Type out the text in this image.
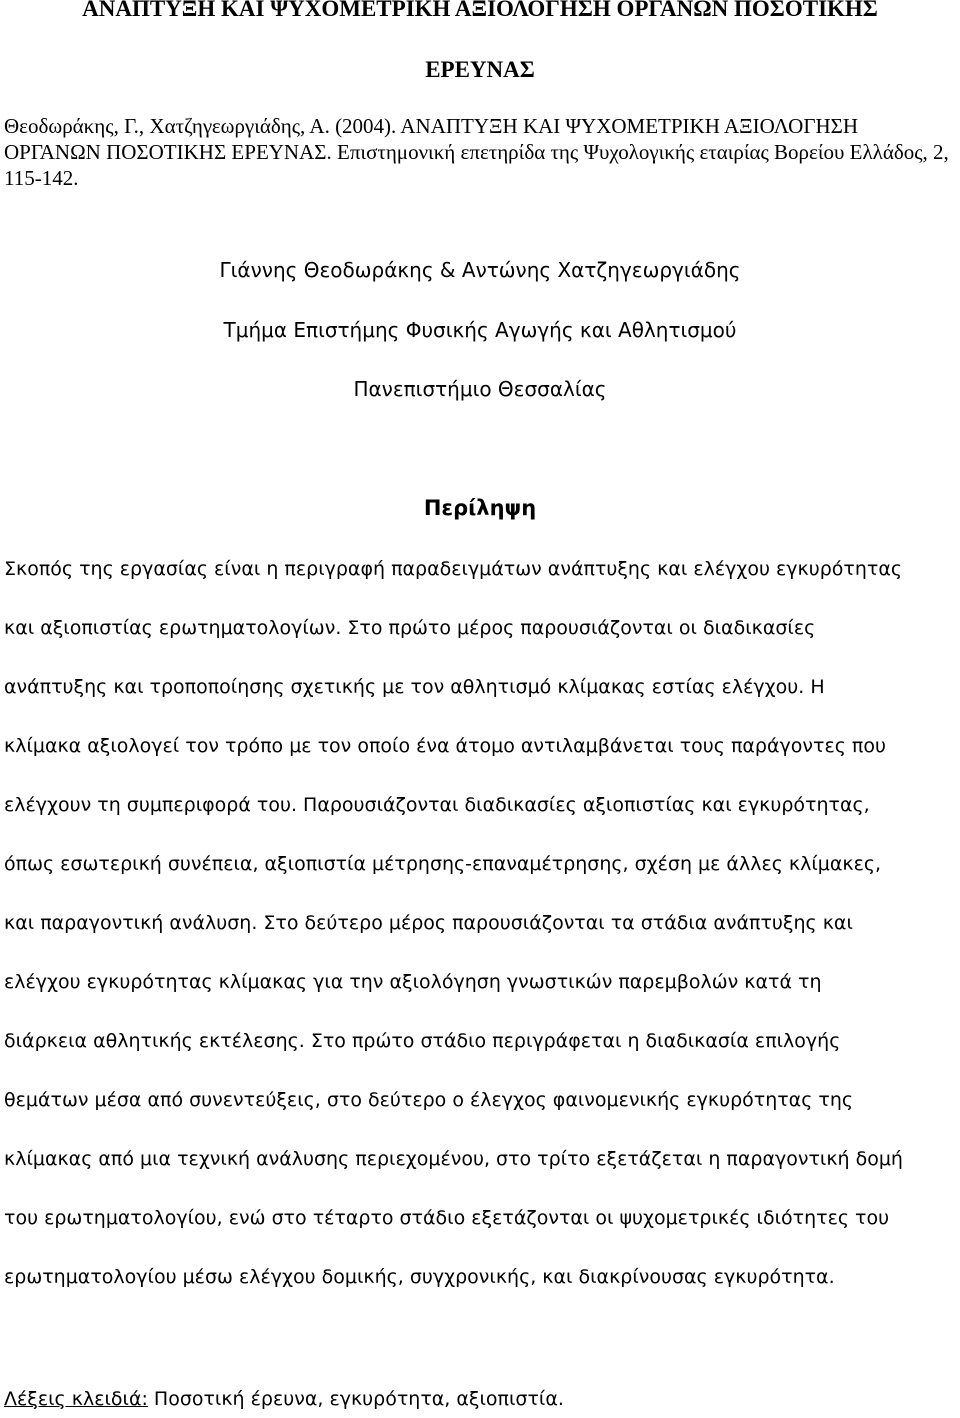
ΑΝΑΠΤΥΞΗ ΚΑΙ ΨΥΧΟΜΕΤΡΙΚΗ ΑΞΙΟΛΟΓΗΣΗ ΟΡΓΑΝΩΝ ΠΟΣΟΤΙΚΗΣ
ΕΡΕΥΝΑΣ

Θεοδωράκης, Γ., Χατζηγεωργιάδης, Α. (2004). ΑΝΑΠΤΥΞΗ ΚΑΙ ΨΥΧΟΜΕΤΡΙΚΗ ΑΞΙΟΛΟΓΗΣΗ ΟΡΓΑΝΩΝ ΠΟΣΟΤΙΚΗΣ ΕΡΕΥΝΑΣ. Επιστημονική επετηρίδα της Ψυχολογικής εταιρίας Βορείου Ελλάδος, 2, 115-142.

Γιάννης Θεοδωράκης & Αντώνης Χατζηγεωργιάδης

Τμήμα Επιστήμης Φυσικής Αγωγής και Αθλητισμού

Πανεπιστήμιο Θεσσαλίας

Περίληψη
Σκοπός της εργασίας είναι η περιγραφή παραδειγμάτων ανάπτυξης και ελέγχου εγκυρότητας
και αξιοπιστίας ερωτηματολογίων. Στο πρώτο μέρος παρουσιάζονται οι διαδικασίες
ανάπτυξης και τροποποίησης σχετικής με τον αθλητισμό κλίμακας εστίας ελέγχου. Η
κλίμακα αξιολογεί τον τρόπο με τον οποίο ένα άτομο αντιλαμβάνεται τους παράγοντες που
ελέγχουν τη συμπεριφορά του. Παρουσιάζονται διαδικασίες αξιοπιστίας και εγκυρότητας,
όπως εσωτερική συνέπεια, αξιοπιστία μέτρησης-επαναμέτρησης, σχέση με άλλες κλίμακες,
και παραγοντική ανάλυση. Στο δεύτερο μέρος παρουσιάζονται τα στάδια ανάπτυξης και
ελέγχου εγκυρότητας κλίμακας για την αξιολόγηση γνωστικών παρεμβολών κατά τη
διάρκεια αθλητικής εκτέλεσης. Στο πρώτο στάδιο περιγράφεται η διαδικασία επιλογής
θεμάτων μέσα από συνεντεύξεις, στο δεύτερο ο έλεγχος φαινομενικής εγκυρότητας της
κλίμακας από μια τεχνική ανάλυσης περιεχομένου, στο τρίτο εξετάζεται η παραγοντική δομή
του ερωτηματολογίου, ενώ στο τέταρτο στάδιο εξετάζονται οι ψυχομετρικές ιδιότητες του
ερωτηματολογίου μέσω ελέγχου δομικής, συγχρονικής, και διακρίνουσας εγκυρότητα.

Λέξεις κλειδιά: Ποσοτική έρευνα, εγκυρότητα, αξιοπιστία.
